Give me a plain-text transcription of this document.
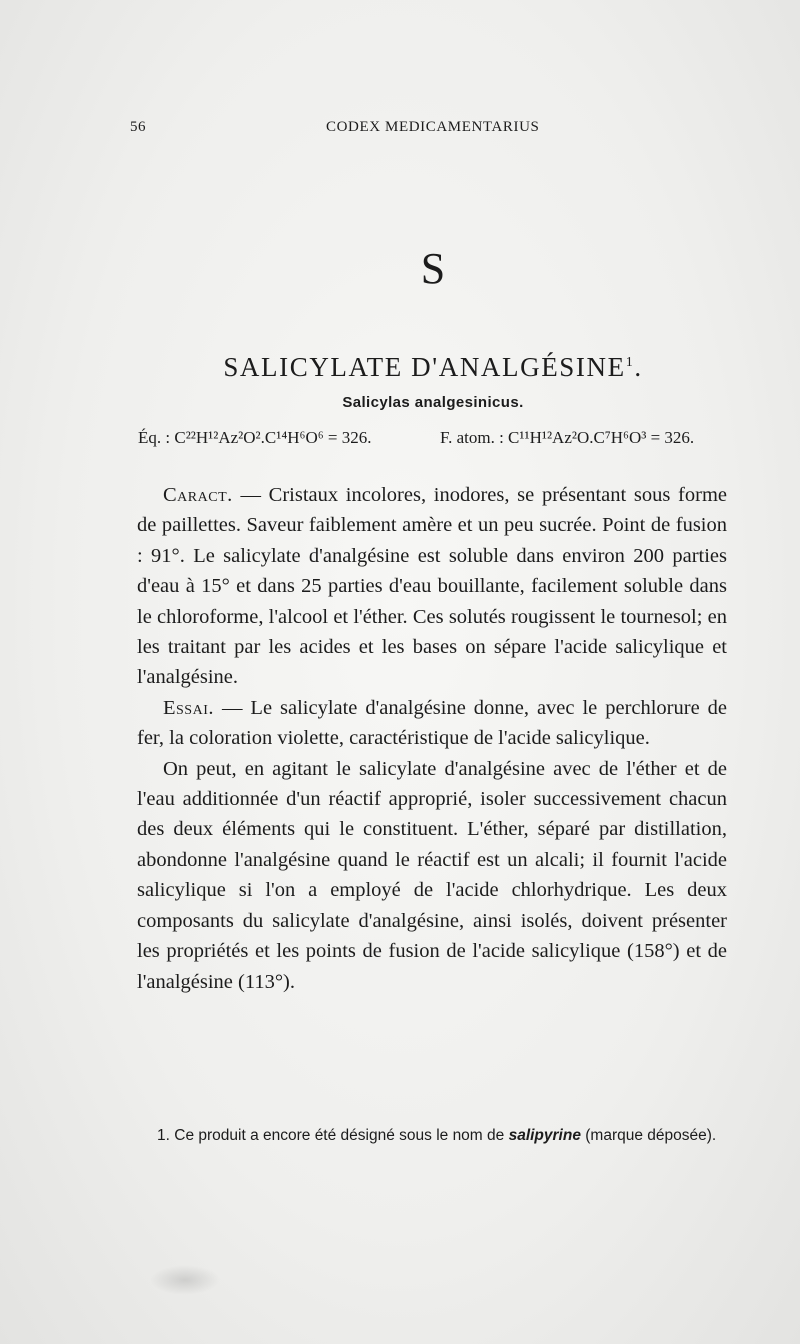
56	CODEX MEDICAMENTARIUS
S
SALICYLATE D'ANALGÉSINE$^1$.
Salicylas analgesinicus.
Éq. : C²²H¹²Az²O².C¹⁴H⁶O⁶ = 326.	F. atom. : C¹¹H¹²Az²O.C⁷H⁶O³ = 326.

Caract. — Cristaux incolores, inodores, se présentant sous forme de paillettes. Saveur faiblement amère et un peu sucrée. Point de fusion : 91°. Le salicylate d'analgésine est soluble dans environ 200 parties d'eau à 15° et dans 25 parties d'eau bouillante, facilement soluble dans le chloroforme, l'alcool et l'éther. Ces solutés rougissent le tournesol; en les traitant par les acides et les bases on sépare l'acide salicylique et l'analgésine.

Essai. — Le salicylate d'analgésine donne, avec le perchlorure de fer, la coloration violette, caractéristique de l'acide salicylique.

On peut, en agitant le salicylate d'analgésine avec de l'éther et de l'eau additionnée d'un réactif approprié, isoler successivement chacun des deux éléments qui le constituent. L'éther, séparé par distillation, abondonne l'analgésine quand le réactif est un alcali; il fournit l'acide salicylique si l'on a employé de l'acide chlorhydrique. Les deux composants du salicylate d'analgésine, ainsi isolés, doivent présenter les propriétés et les points de fusion de l'acide salicylique (158°) et de l'analgésine (113°).

1. Ce produit a encore été désigné sous le nom de salipyrine (marque déposée).
